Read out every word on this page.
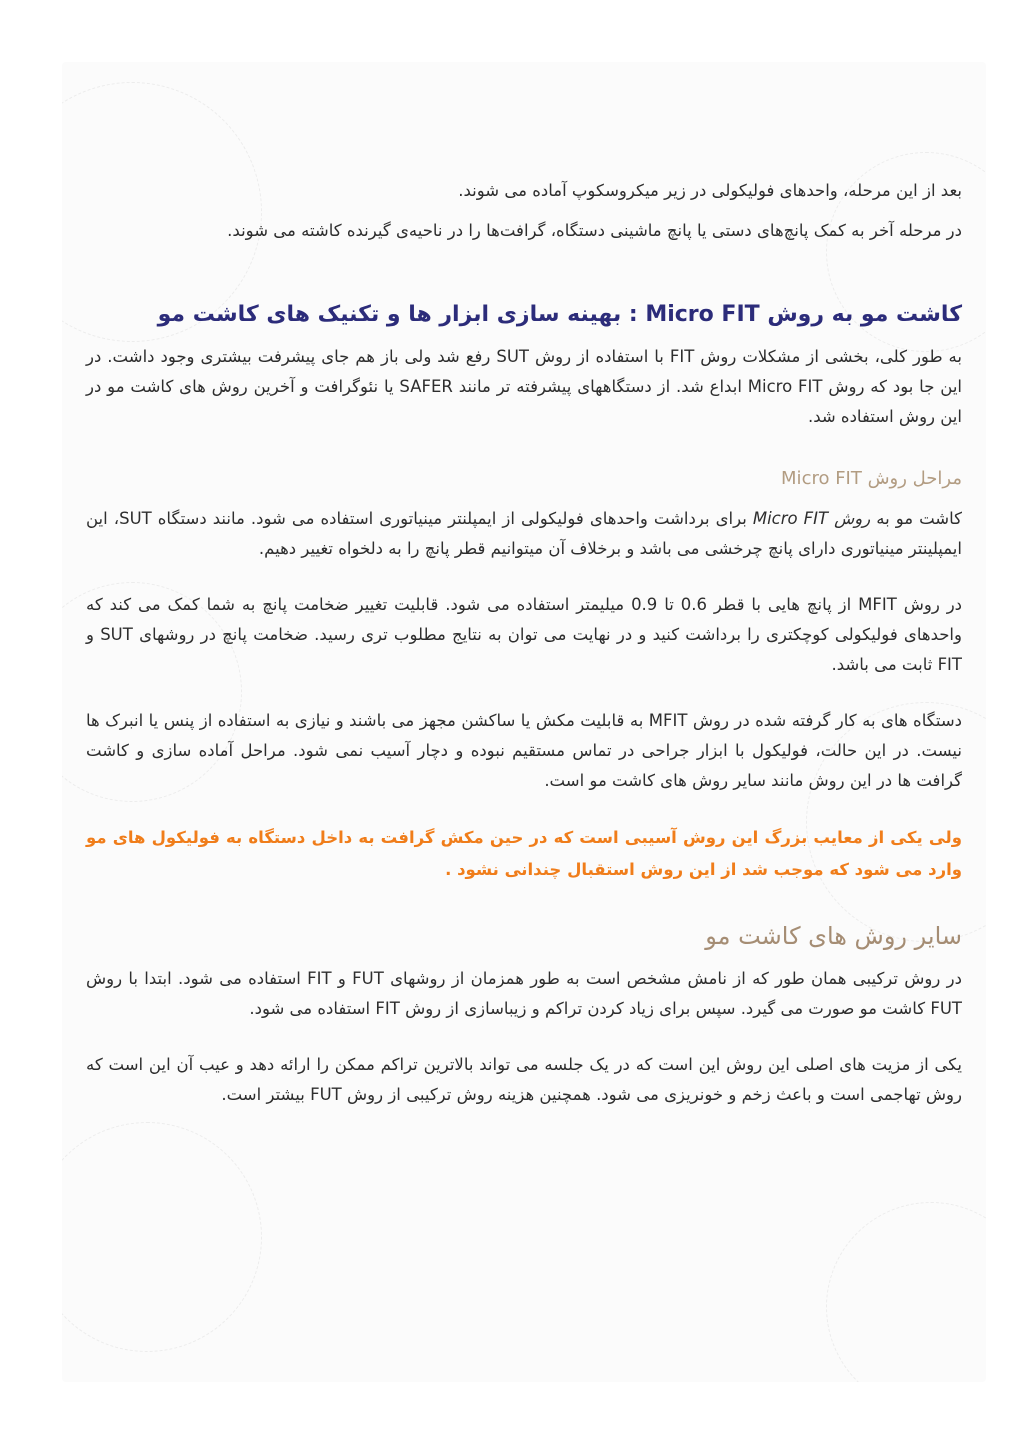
بعد از این مرحله، واحدهای فولیکولی در زیر میکروسکوپ آماده می شوند.

در مرحله آخر به کمک پانچ‌های دستی یا پانچ ماشینی دستگاه، گرافت‌ها را در ناحیه‌ی گیرنده کاشته می شوند.

کاشت مو به روش Micro FIT : بهینه سازی ابزار ها و تکنیک های کاشت مو

به طور کلی، بخشی از مشکلات روش FIT با استفاده از روش SUT رفع شد ولی باز هم جای پیشرفت بیشتری وجود داشت. در این جا بود که روش Micro FIT ابداع شد. از دستگاههای پیشرفته تر مانند SAFER یا نئوگرافت و آخرین روش های کاشت مو در این روش استفاده شد.

مراحل روش Micro FIT

کاشت مو به روش Micro FIT برای برداشت واحدهای فولیکولی از ایمپلنتر مینیاتوری استفاده می شود. مانند دستگاه SUT، این ایمپلینتر مینیاتوری دارای پانچ چرخشی می باشد و برخلاف آن میتوانیم قطر پانچ را به دلخواه تغییر دهیم.

در روش MFIT از پانچ هایی با قطر 0.6 تا 0.9 میلیمتر استفاده می شود. قابلیت تغییر ضخامت پانچ به شما کمک می کند که واحدهای فولیکولی کوچکتری را برداشت کنید و در نهایت می توان به نتایج مطلوب تری رسید. ضخامت پانچ در روشهای SUT و FIT ثابت می باشد.

دستگاه های به کار گرفته شده در روش MFIT به قابلیت مکش یا ساکشن مجهز می باشند و نیازی به استفاده از پنس یا انبرک ها نیست. در این حالت، فولیکول با ابزار جراحی در تماس مستقیم نبوده و دچار آسیب نمی شود. مراحل آماده سازی و کاشت گرافت ها در این روش مانند سایر روش های کاشت مو است.

ولی یکی از معایب بزرگ این روش آسیبی است که در حین مکش گرافت به داخل دستگاه به فولیکول های مو وارد می شود که موجب شد از این روش استقبال چندانی نشود .

سایر روش های کاشت مو

در روش ترکیبی همان طور که از نامش مشخص است به طور همزمان از روشهای FUT و FIT استفاده می شود. ابتدا با روش FUT کاشت مو صورت می گیرد. سپس برای زیاد کردن تراکم و زیباسازی از روش FIT استفاده می شود.

یکی از مزیت های اصلی این روش این است که در یک جلسه می تواند بالاترین تراکم ممکن را ارائه دهد و عیب آن این است که روش تهاجمی است و باعث زخم و خونریزی می شود. همچنین هزینه روش ترکیبی از روش FUT بیشتر است.
